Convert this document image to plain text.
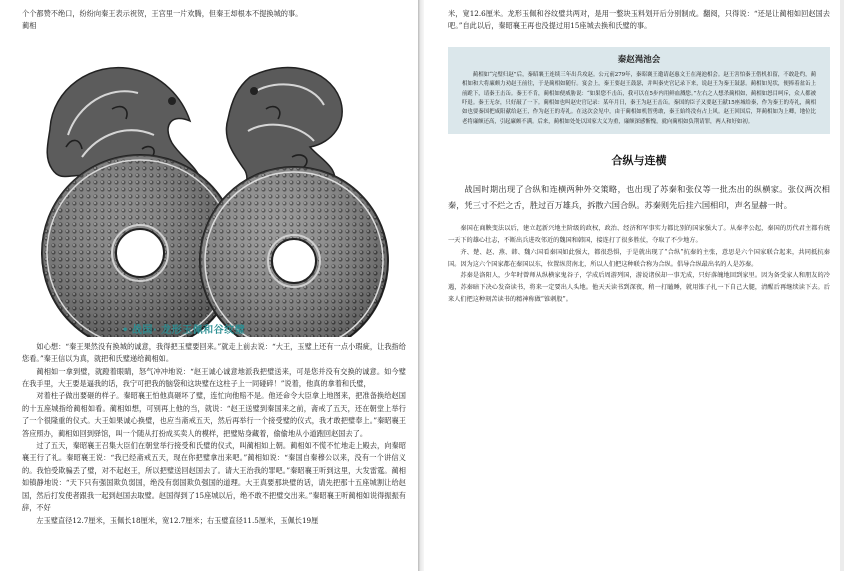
个个都赞不绝口，纷纷向秦王表示祝贺，王宫里一片欢腾，但秦王却根本不提换城的事。
蔺相
• 战国· 龙形玉佩和谷纹璧

如心想：“秦王果然没有换城的诚意，我得把玉璧要回来。”就走上前去说：“大王，玉璧上还有一点小瑕疵，让我指给您看。”秦王信以为真，就把和氏璧递给蔺相如。

蔺相如一拿到璧，就蹬着眼睛，怒气冲冲地说：“赵王诚心诚意地派我把璧送来，可是您并没有交换的诚意。如今璧在我手里，大王要是逼我的话，我宁可把我的脑袋和这块璧在这柱子上一同碰碎！”说着，他真的拿着和氏璧，

对着柱子做出要砸的样子。秦昭襄王怕他真砸坏了璧，连忙向他赔不是。他还命令大臣拿上地图来，把准备换给赵国的十五座城指给蔺相如看。蔺相如想，可别再上他的当，就说：“赵王送璧到秦国来之前，斋戒了五天，还在朝堂上举行了一个很隆重的仪式。大王如果诚心换璧，也应当斋戒五天，然后再举行一个接受璧的仪式，我才敢把璧奉上。”秦昭襄王答应照办，蔺相如回到驿馆，叫一个随从打扮成买卖人的模样，把璧贴身藏着，偷偷地从小道跑回赵国去了。

过了五天，秦昭襄王召集大臣们在朝堂举行接受和氏璧的仪式，叫蔺相如上朝。蔺相如不慌不忙地走上殿去，向秦昭襄王行了礼。秦昭襄王说：“我已经斋戒五天，现在你把璧拿出来吧。”蔺相如说：“秦国自秦穆公以来，没有一个讲信义的。我怕受欺骗丢了璧，对不起赵王，所以把璧送回赵国去了。请大王治我的罪吧。”秦昭襄王听到这里，大发雷霆。蔺相如镇静地说：“天下只有强国欺负弱国，绝没有弱国欺负强国的道理。大王真要那块璧的话，请先把那十五座城割让给赵国，然后打发使者跟我一起到赵国去取璧。赵国得到了15座城以后，绝不敢不把璧交出来。”秦昭襄王听蔺相如说得振振有辞，不好

左玉璧直径12.7厘米，玉佩长18厘米，宽12.7厘米；右玉璧直径11.5厘米，玉佩长19厘

米，宽12.6厘米。龙形玉佩和谷纹璧共两对，是用一整块玉料划开后分别制成。翻阅，只得说：“还是让蔺相如回赵国去吧。”自此以后，秦昭襄王再也没提过用15座城去换和氏璧的事。

秦赵渑池会

蔺相如“完璧归赵”后，秦昭襄王连续三年出兵攻赵。公元前279年，秦昭襄王邀请赵惠文王在渑池相会。赵王害怕秦王借机扣留，不敢赴约，蔺相如和大将廉颇力劝赵王前往，于是蔺相如随行。宴会上，秦王要赵王鼓瑟，并叫秦史官记录下来，说赵王为秦王鼓瑟。蔺相如见状，便捧着盆缶上前跪下，请秦王击缶。秦王不肯，蔺相如便威胁说：“如果您不击缶，我可以在5步内用鲜血溅您。”左右之人想杀蔺相如，蔺相如怒目呵斥，众人都被吓退。秦王无奈，只好敲了一下。蔺相如也叫赵史官记录：某年月日，秦王为赵王击缶。秦国的臣子又要赵王献15座城给秦，作为秦王的寿礼，蔺相如也要秦国把咸阳献给赵王，作为赵王的寿礼。在这次会见中，由于蔺相如机智勇敢，秦王始终没有占上风。赵王回国后，拜蔺相如为上卿，地位比老将廉颇还高，引起廉颇不满。后来，蔺相如处处以国家大义为重，廉颇深感惭愧，就向蔺相如负荆请罪，两人和好如初。

合纵与连横

战国时期出现了合纵和连横两种外交策略，也出现了苏秦和张仪等一批杰出的纵横家。张仪两次相秦，凭三寸不烂之舌，胜过百万雄兵，拆散六国合纵。苏秦则先后挂六国相印，声名显赫一时。

秦国在商鞅变法以后，建立起新兴地主阶级的政权，政治、经济和军事实力都比别的国家强大了。从秦孝公起，秦国的历代君主都有统一天下的雄心壮志，不断出兵进攻邻近的魏国和韩国，接连打了很多胜仗，夺取了不少地方。

齐、楚、赵、燕、韩、魏六国看秦国如此强大，都很恐惧，于是就出现了“合纵”抗秦的主张，意思是六个国家联合起来，共同抵抗秦国。因为这六个国家都在秦国以东，位置纵贯南北，所以人们把这种联合称为合纵。倡导合纵最出名的人是苏秦。

苏秦是洛阳人，少年时曾师从纵横家鬼谷子，学成后周游列国，游说诸侯却一事无成，只好落魄地回到家里。因为备受家人和朋友的冷遇，苏秦暗下决心发奋读书，将来一定要出人头地。他天天读书到深夜，稍一打瞌睡，就用锥子扎一下自己大腿，清醒后再继续读下去。后来人们把这种刻苦读书的精神称做“锥刺股”。
